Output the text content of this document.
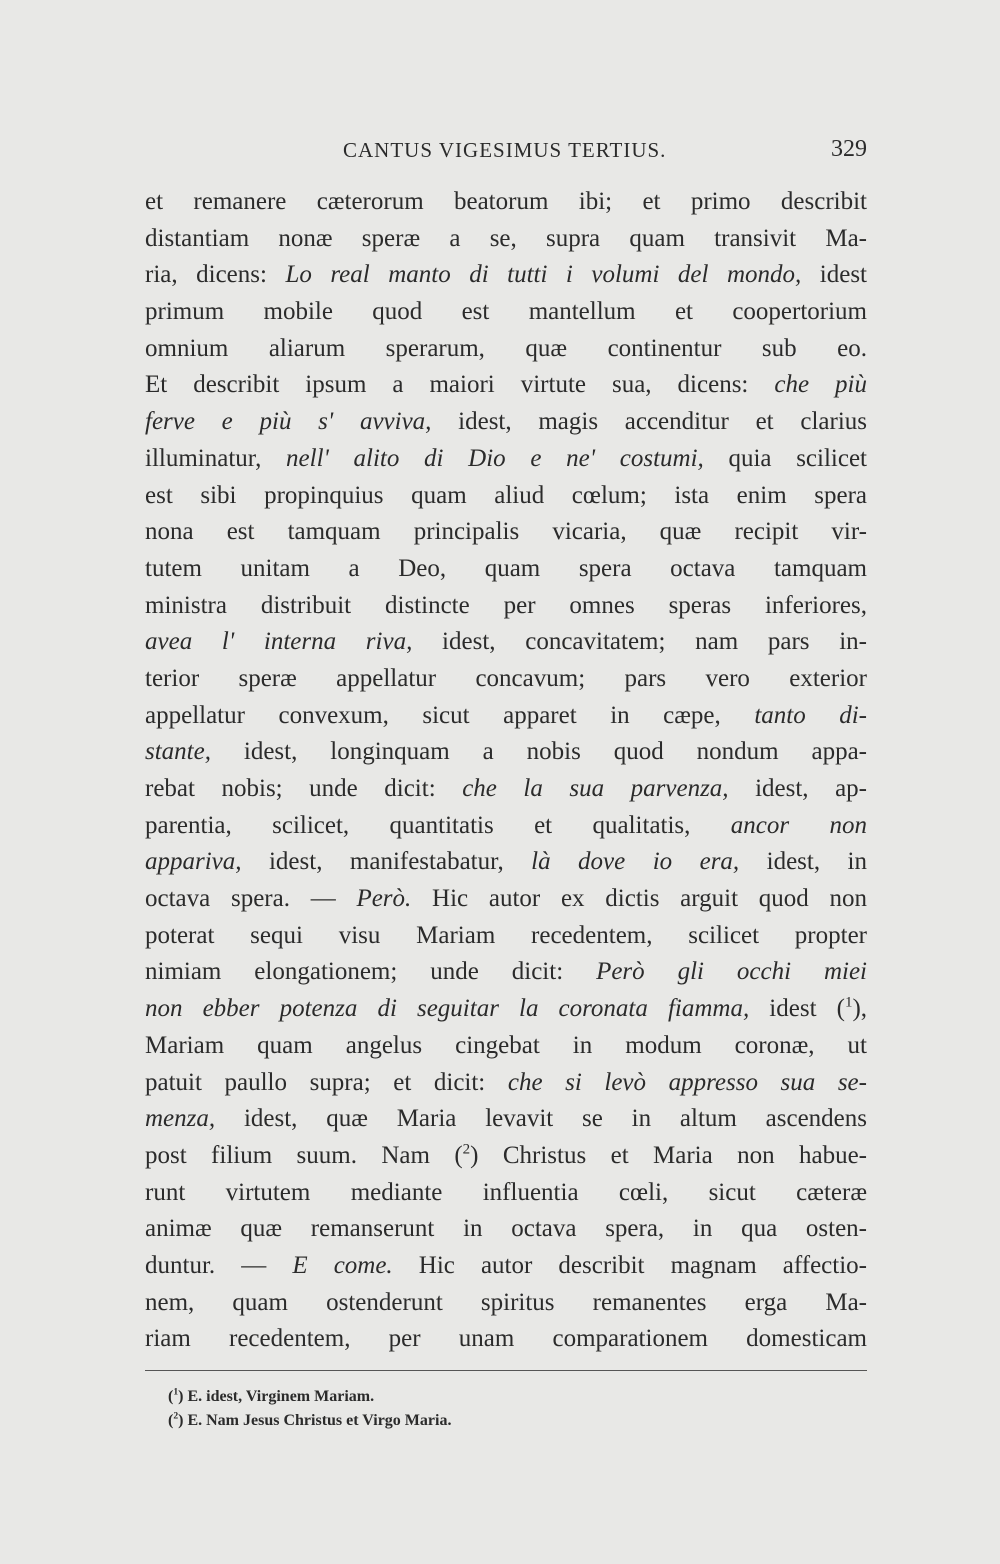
CANTUS VIGESIMUS TERTIUS.	329
et remanere cæterorum beatorum ibi; et primo describit
distantiam nonæ speræ a se, supra quam transivit Ma-
ria, dicens: Lo real manto di tutti i volumi del mondo, idest
primum mobile quod est mantellum et coopertorium
omnium aliarum sperarum, quæ continentur sub eo.
Et describit ipsum a maiori virtute sua, dicens: che più
ferve e più s' avviva, idest, magis accenditur et clarius
illuminatur, nell' alito di Dio e ne' costumi, quia scilicet
est sibi propinquius quam aliud cœlum; ista enim spera
nona est tamquam principalis vicaria, quæ recipit vir-
tutem unitam a Deo, quam spera octava tamquam
ministra distribuit distincte per omnes speras inferiores,
avea l' interna riva, idest, concavitatem; nam pars in-
terior speræ appellatur concavum; pars vero exterior
appellatur convexum, sicut apparet in cæpe, tanto di-
stante, idest, longinquam a nobis quod nondum appa-
rebat nobis; unde dicit: che la sua parvenza, idest, ap-
parentia, scilicet, quantitatis et qualitatis, ancor non
appariva, idest, manifestabatur, là dove io era, idest, in
octava spera. — Però. Hic autor ex dictis arguit quod non
poterat sequi visu Mariam recedentem, scilicet propter
nimiam elongationem; unde dicit: Però gli occhi miei
non ebber potenza di seguitar la coronata fiamma, idest ($^1$),
Mariam quam angelus cingebat in modum coronæ, ut
patuit paullo supra; et dicit: che si levò appresso sua se-
menza, idest, quæ Maria levavit se in altum ascendens
post filium suum. Nam ($^2$) Christus et Maria non habue-
runt virtutem mediante influentia cœli, sicut cæteræ
animæ quæ remanserunt in octava spera, in qua osten-
duntur. — E come. Hic autor describit magnam affectio-
nem, quam ostenderunt spiritus remanentes erga Ma-
riam recedentem, per unam comparationem domesticam
($^1$) E. idest, Virginem Mariam.
($^2$) E. Nam Jesus Christus et Virgo Maria.
